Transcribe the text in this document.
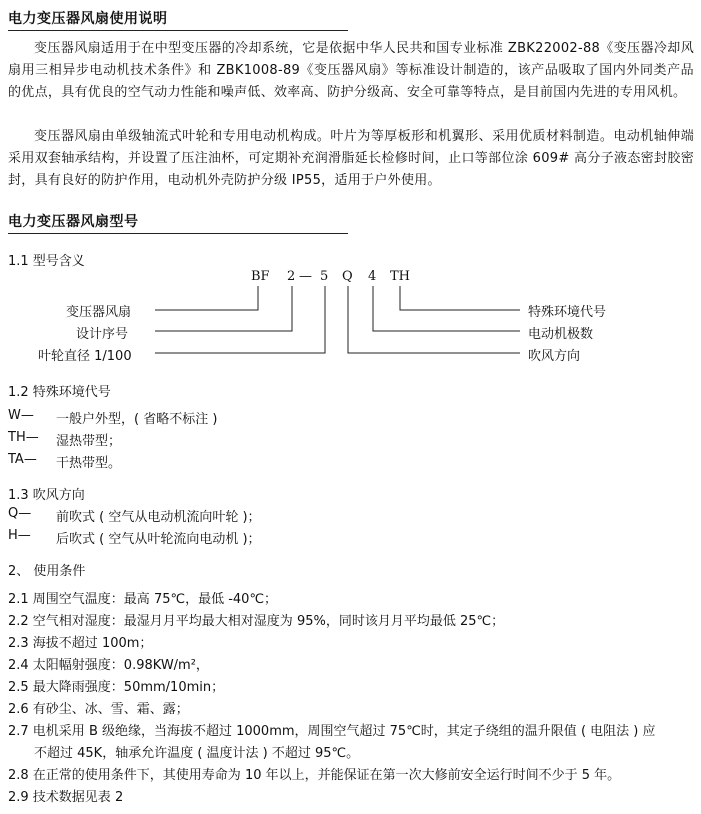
电力变压器风扇使用说明
变压器风扇适用于在中型变压器的冷却系统，它是依据中华人民共和国专业标准 ZBK22002-88《变压器冷却风扇用三相异步电动机技术条件》和 ZBK1008-89《变压器风扇》等标准设计制造的，该产品吸取了国内外同类产品的优点，具有优良的空气动力性能和噪声低、效率高、防护分级高、安全可靠等特点，是目前国内先进的专用风机。
变压器风扇由单级轴流式叶轮和专用电动机构成。叶片为等厚板形和机翼形、采用优质材料制造。电动机轴伸端采用双套轴承结构，并设置了压注油杯，可定期补充润滑脂延长检修时间，止口等部位涂 609# 高分子液态密封胶密封，具有良好的防护作用，电动机外壳防护分级 IP55，适用于户外使用。
电力变压器风扇型号
1.1 型号含义
BF 2 — 5 Q 4 TH
变压器风扇
设计序号
叶轮直径 1/100
特殊环境代号
电动机极数
吹风方向
1.2 特殊环境代号
W— 一般户外型，( 省略不标注 )
TH— 湿热带型；
TA— 干热带型。
1.3 吹风方向
Q— 前吹式 ( 空气从电动机流向叶轮 )；
H— 后吹式 ( 空气从叶轮流向电动机 )；
2、 使用条件
2.1 周围空气温度：最高 75℃，最低 -40℃；
2.2 空气相对湿度：最湿月月平均最大相对湿度为 95%，同时该月月平均最低 25℃；
2.3 海拔不超过 100m；
2.4 太阳幅射强度：0.98KW/m²，
2.5 最大降雨强度：50mm/10min；
2.6 有砂尘、冰、雪、霜、露；
2.7 电机采用 B 级绝缘，当海拔不超过 1000mm，周围空气超过 75℃时，其定子绕组的温升限值 ( 电阻法 ) 应
不超过 45K，轴承允许温度 ( 温度计法 ) 不超过 95℃。
2.8 在正常的使用条件下，其使用寿命为 10 年以上，并能保证在第一次大修前安全运行时间不少于 5 年。
2.9 技术数据见表 2
